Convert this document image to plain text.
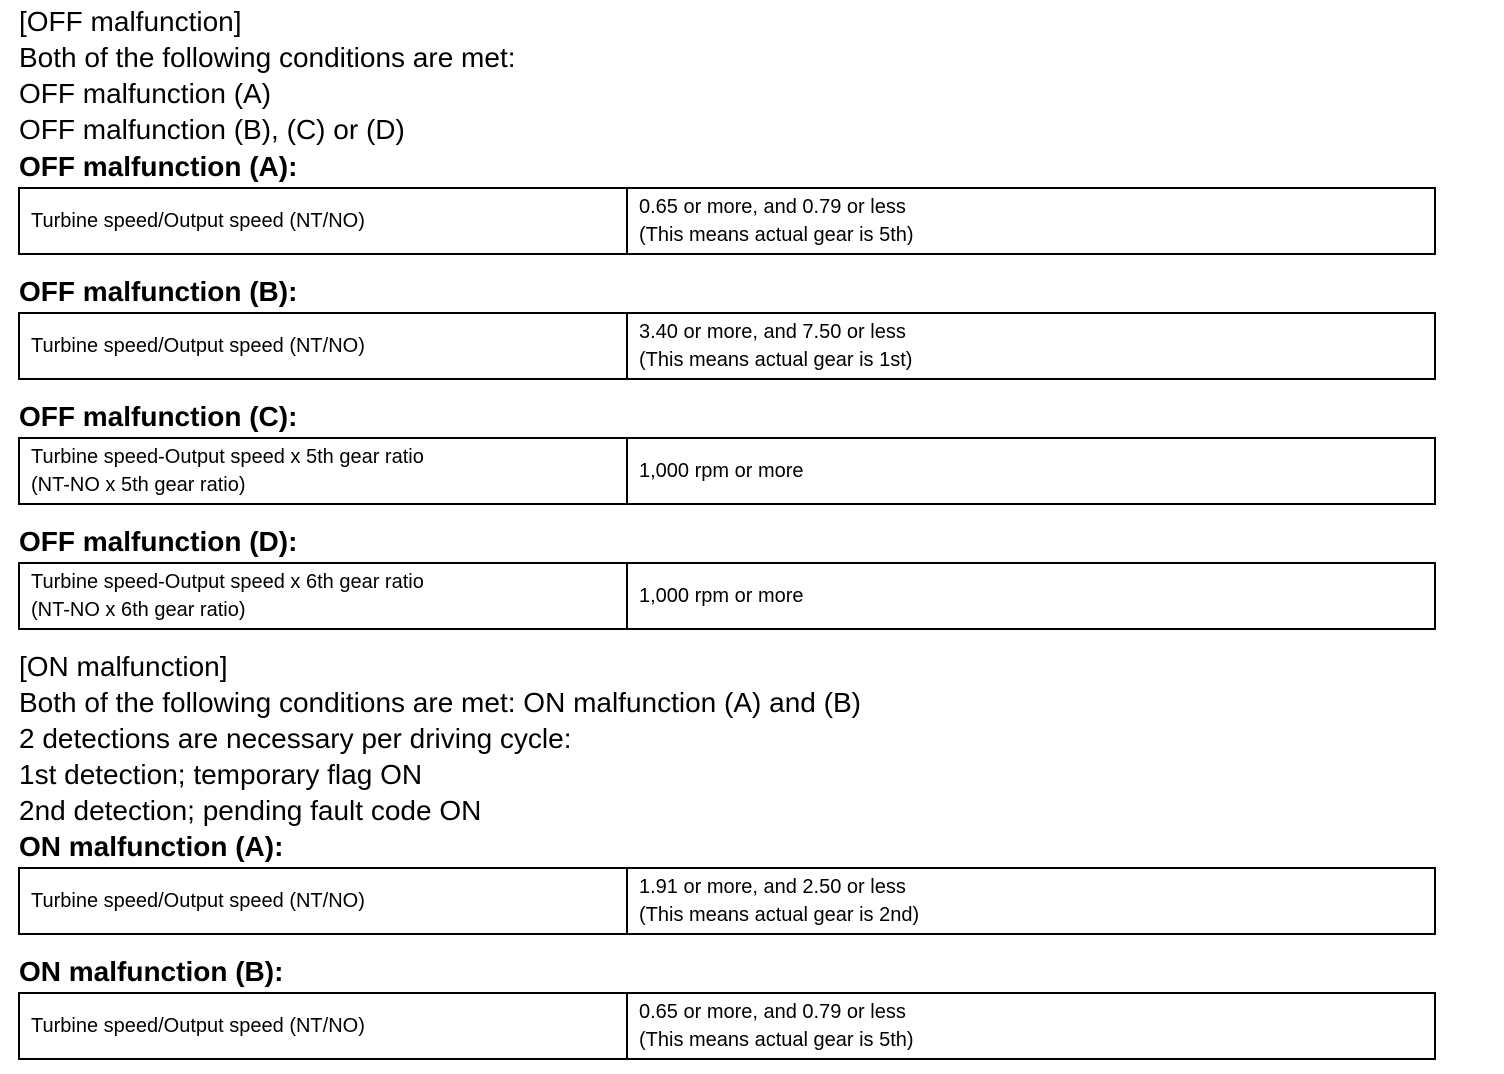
[OFF malfunction]
Both of the following conditions are met:
OFF malfunction (A)
OFF malfunction (B), (C) or (D)
OFF malfunction (A):
Turbine speed/Output speed (NT/NO)
0.65 or more, and 0.79 or less
(This means actual gear is 5th)
OFF malfunction (B):
Turbine speed/Output speed (NT/NO)
3.40 or more, and 7.50 or less
(This means actual gear is 1st)
OFF malfunction (C):
Turbine speed-Output speed x 5th gear ratio
(NT-NO x 5th gear ratio)
1,000 rpm or more
OFF malfunction (D):
Turbine speed-Output speed x 6th gear ratio
(NT-NO x 6th gear ratio)
1,000 rpm or more
[ON malfunction]
Both of the following conditions are met: ON malfunction (A) and (B)
2 detections are necessary per driving cycle:
1st detection; temporary flag ON
2nd detection; pending fault code ON
ON malfunction (A):
Turbine speed/Output speed (NT/NO)
1.91 or more, and 2.50 or less
(This means actual gear is 2nd)
ON malfunction (B):
Turbine speed/Output speed (NT/NO)
0.65 or more, and 0.79 or less
(This means actual gear is 5th)
